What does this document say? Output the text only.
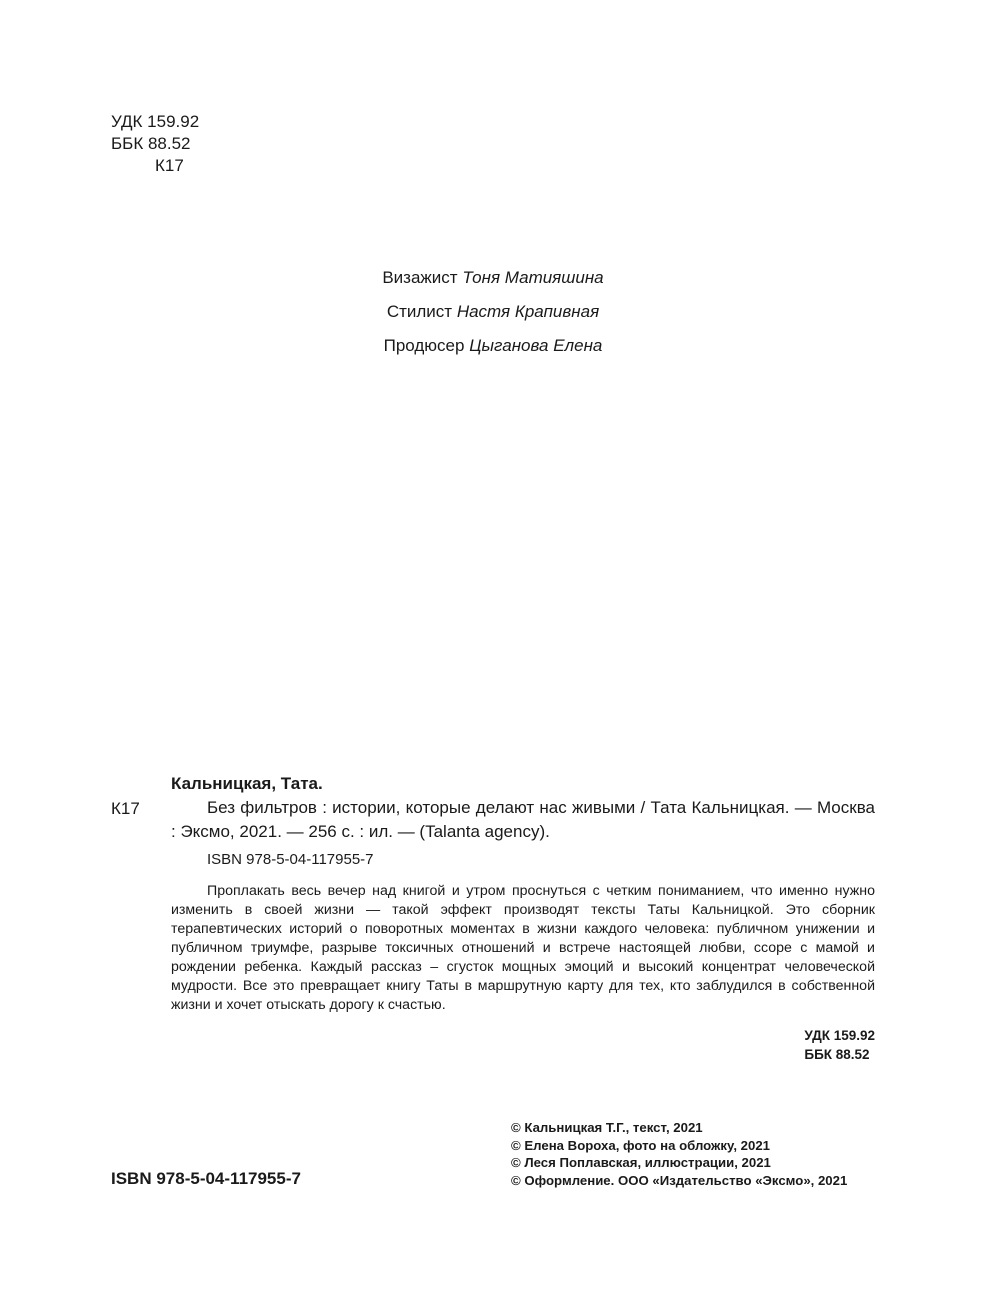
УДК 159.92
ББК 88.52
К17
Визажист Тоня Матияшина
Стилист Настя Крапивная
Продюсер Цыганова Елена
К17
Кальницкая, Тата.
Без фильтров : истории, которые делают нас живыми / Тата Кальницкая. — Москва : Эксмо, 2021. — 256 с. : ил. — (Talanta agency).
ISBN 978-5-04-117955-7
Проплакать весь вечер над книгой и утром проснуться с четким пониманием, что именно нужно изменить в своей жизни — такой эффект производят тексты Таты Кальницкой. Это сборник терапевтических историй о поворотных моментах в жизни каждого человека: публичном унижении и публичном триумфе, разрыве токсичных отношений и встрече настоящей любви, ссоре с мамой и рождении ребенка. Каждый рассказ – сгусток мощных эмоций и высокий концентрат человеческой мудрости. Все это превращает книгу Таты в маршрутную карту для тех, кто заблудился в собственной жизни и хочет отыскать дорогу к счастью.
УДК 159.92
ББК 88.52
ISBN 978-5-04-117955-7
© Кальницкая Т.Г., текст, 2021
© Елена Вороха, фото на обложку, 2021
© Леся Поплавская, иллюстрации, 2021
© Оформление. ООО «Издательство «Эксмо», 2021
